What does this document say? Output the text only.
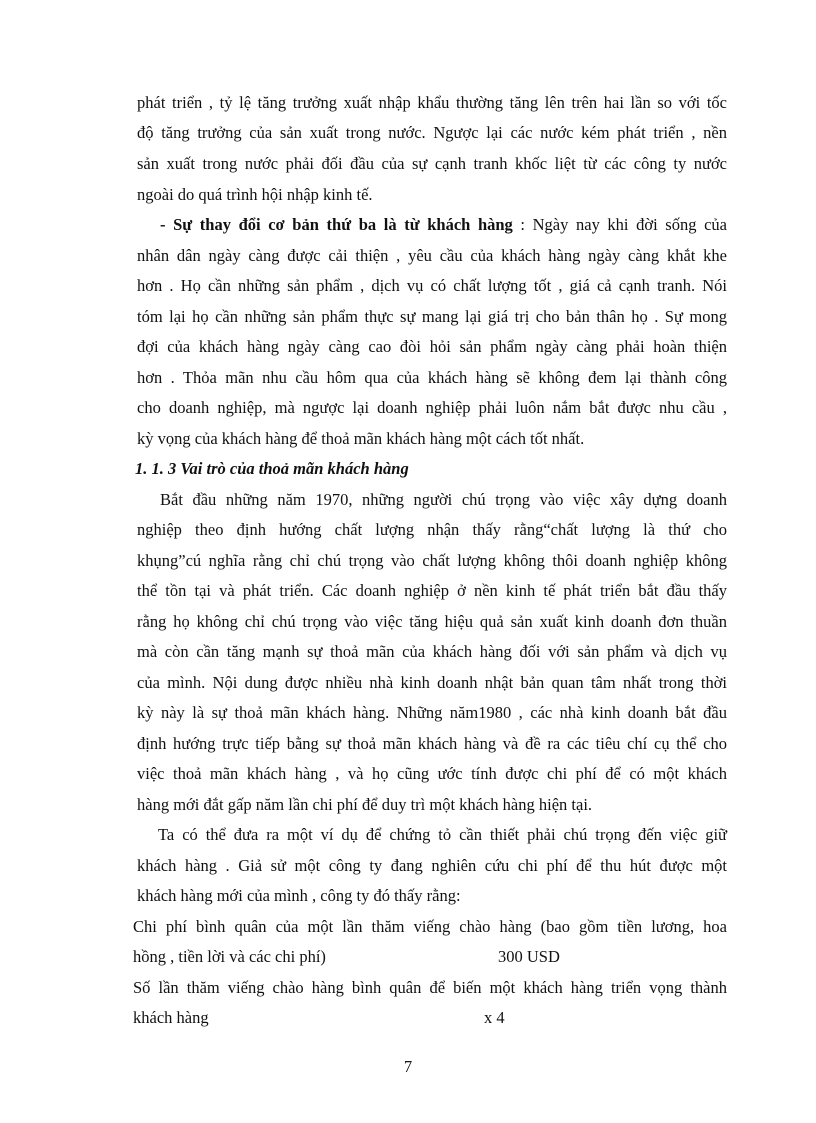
phát triển , tỷ lệ tăng trưởng xuất nhập khẩu thường tăng lên trên hai lần so với tốc
độ tăng trưởng của sản xuất trong nước. Ngược lại các nước kém phát triển , nền
sản xuất trong nước phải đối đầu của sự cạnh tranh khốc liệt từ các công ty nước
ngoài do quá trình hội nhập kinh tế.
- Sự thay đổi cơ bản thứ ba là từ khách hàng : Ngày nay khi đời sống của
nhân dân ngày càng được cải thiện , yêu cầu của khách hàng ngày càng khắt khe
hơn . Họ cần những sản phẩm , dịch vụ có chất lượng tốt , giá cả cạnh tranh. Nói
tóm lại họ cần những sản phẩm thực sự mang lại giá trị cho bản thân họ . Sự mong
đợi của khách hàng ngày càng cao đòi hỏi sản phẩm ngày càng phải hoàn thiện
hơn . Thỏa mãn nhu cầu hôm qua của khách hàng sẽ không đem lại thành công
cho doanh nghiệp, mà ngược lại doanh nghiệp phải luôn nắm bắt được nhu cầu ,
kỳ vọng của khách hàng để thoả mãn khách hàng một cách tốt nhất.
1. 1. 3 Vai trò của thoả mãn khách hàng
Bắt đầu những năm 1970, những người chú trọng vào việc xây dựng doanh
nghiệp theo định hướng chất lượng nhận thấy rằng“chất lượng là thứ cho
khụng”cú nghĩa rằng chỉ chú trọng vào chất lượng không thôi doanh nghiệp không
thể tồn tại và phát triển. Các doanh nghiệp ở nền kinh tế phát triển bắt đầu thấy
rằng họ không chỉ chú trọng vào việc tăng hiệu quả sản xuất kinh doanh đơn thuần
mà còn cần tăng mạnh sự thoả mãn của khách hàng đối với sản phẩm và dịch vụ
của mình. Nội dung được nhiều nhà kinh doanh nhật bản quan tâm nhất trong thời
kỳ này là sự thoả mãn khách hàng. Những năm1980 , các nhà kinh doanh bắt đầu
định hướng trực tiếp bằng sự thoả mãn khách hàng và đề ra các tiêu chí cụ thể cho
việc thoả mãn khách hàng , và họ cũng ước tính được chi phí để có một khách
hàng mới đắt gấp năm lần chi phí để duy trì một khách hàng hiện tại.
Ta có thể đưa ra một ví dụ để chứng tỏ cần thiết phải chú trọng đến việc giữ
khách hàng . Giả sử một công ty đang nghiên cứu chi phí để thu hút được một
khách hàng mới của mình , công ty đó thấy rằng:
Chi phí bình quân của một lần thăm viếng chào hàng (bao gồm tiền lương, hoa
hồng , tiền lời và các chi phí)	300 USD
Số lần thăm viếng chào hàng bình quân để biến một khách hàng triển vọng thành
khách hàng	x 4
7
